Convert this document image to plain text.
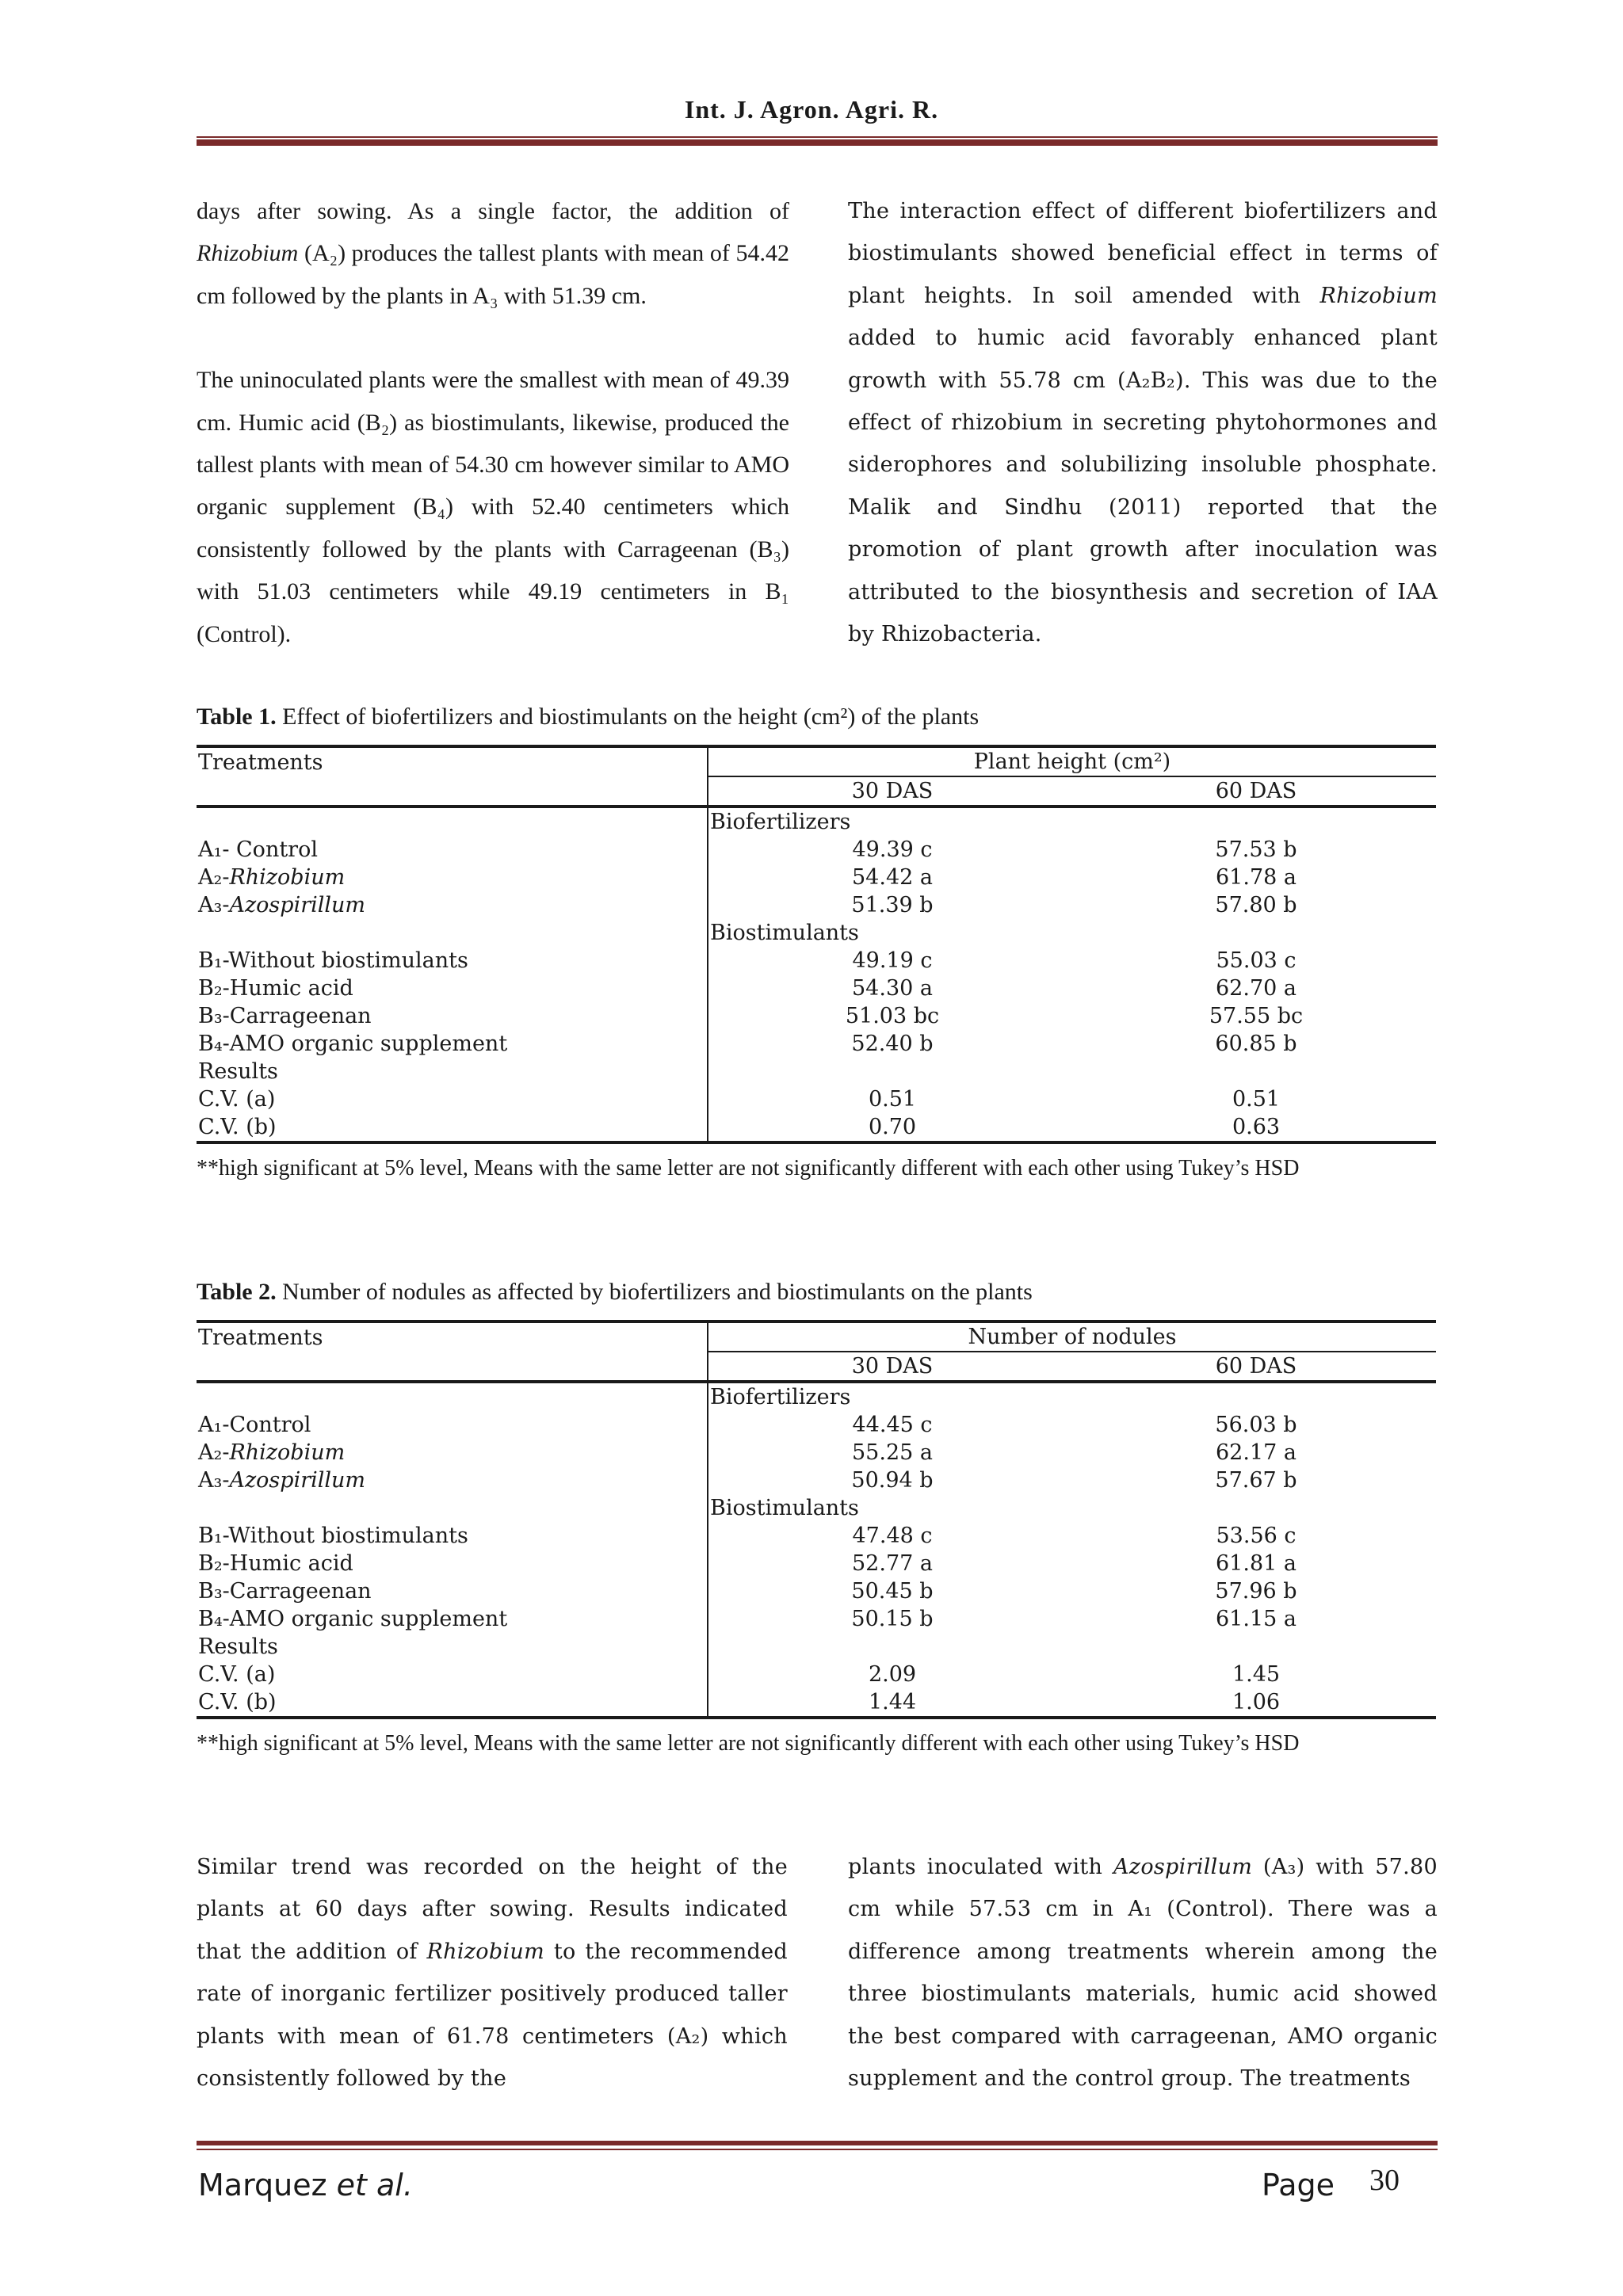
Int. J. Agron. Agri. R.

days after sowing. As a single factor, the addition of Rhizobium (A₂) produces the tallest plants with mean of 54.42 cm followed by the plants in A₃ with 51.39 cm.

The uninoculated plants were the smallest with mean of 49.39 cm. Humic acid (B₂) as biostimulants, likewise, produced the tallest plants with mean of 54.30 cm however similar to AMO organic supplement (B₄) with 52.40 centimeters which consistently followed by the plants with Carrageenan (B₃) with 51.03 centimeters while 49.19 centimeters in B₁ (Control).

The interaction effect of different biofertilizers and biostimulants showed beneficial effect in terms of plant heights. In soil amended with Rhizobium added to humic acid favorably enhanced plant growth with 55.78 cm (A₂B₂). This was due to the effect of rhizobium in secreting phytohormones and siderophores and solubilizing insoluble phosphate. Malik and Sindhu (2011) reported that the promotion of plant growth after inoculation was attributed to the biosynthesis and secretion of IAA by Rhizobacteria.

Table 1. Effect of biofertilizers and biostimulants on the height (cm²) of the plants
Treatments	Plant height (cm²)	
	30 DAS	60 DAS
	Biofertilizers	
A₁- Control	49.39 c	57.53 b
A₂-Rhizobium	54.42 a	61.78 a
A₃-Azospirillum	51.39 b	57.80 b
	Biostimulants	
B₁-Without biostimulants	49.19 c	55.03 c
B₂-Humic acid	54.30 a	62.70 a
B₃-Carrageenan	51.03 bc	57.55 bc
B₄-AMO organic supplement	52.40 b	60.85 b
Results		
C.V. (a)	0.51	0.51
C.V. (b)	0.70	0.63
**high significant at 5% level, Means with the same letter are not significantly different with each other using Tukey’s HSD
Table 2. Number of nodules as affected by biofertilizers and biostimulants on the plants
Treatments	Number of nodules	
	30 DAS	60 DAS
	Biofertilizers	
A₁-Control	44.45 c	56.03 b
A₂-Rhizobium	55.25 a	62.17 a
A₃-Azospirillum	50.94 b	57.67 b
	Biostimulants	
B₁-Without biostimulants	47.48 c	53.56 c
B₂-Humic acid	52.77 a	61.81 a
B₃-Carrageenan	50.45 b	57.96 b
B₄-AMO organic supplement	50.15 b	61.15 a
Results		
C.V. (a)	2.09	1.45
C.V. (b)	1.44	1.06
**high significant at 5% level, Means with the same letter are not significantly different with each other using Tukey’s HSD

Similar trend was recorded on the height of the plants at 60 days after sowing. Results indicated that the addition of Rhizobium to the recommended rate of inorganic fertilizer positively produced taller plants with mean of 61.78 centimeters (A₂) which consistently followed by the

plants inoculated with Azospirillum (A₃) with 57.80 cm while 57.53 cm in A₁ (Control). There was a difference among treatments wherein among the three biostimulants materials, humic acid showed the best compared with carrageenan, AMO organic supplement and the control group. The treatments

Marquez et al.	Page 30
